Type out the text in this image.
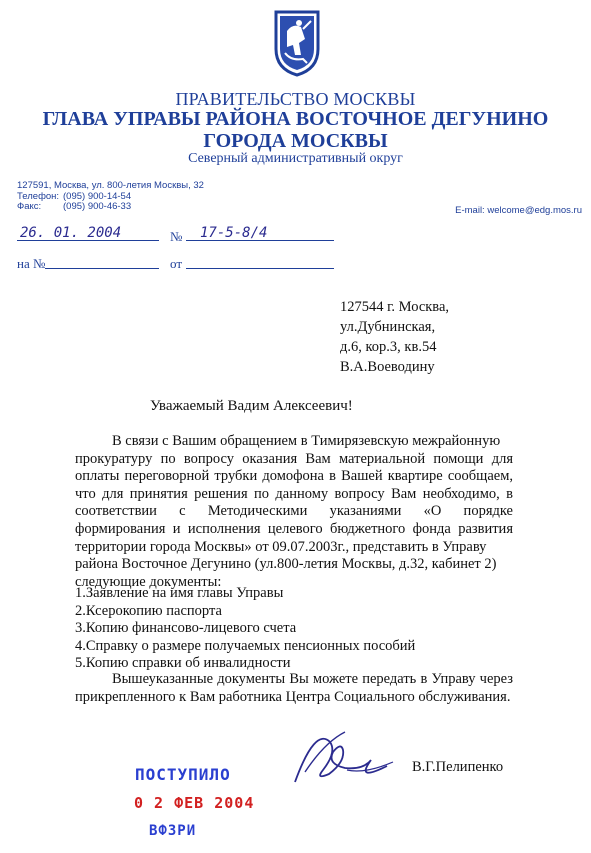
ПРАВИТЕЛЬСТВО МОСКВЫ
ГЛАВА УПРАВЫ РАЙОНА ВОСТОЧНОЕ ДЕГУНИНО
ГОРОДА МОСКВЫ
Северный административный округ
127591, Москва, ул. 800-летия Москвы, 32
Телефон: (095) 900-14-54
Факс: (095) 900-46-33	E-mail: welcome@edg.mos.ru
26. 01. 2004	№ 17-5-8/4
на №	от
127544 г. Москва,
ул.Дубнинская,
д.6, кор.3, кв.54
В.А.Воеводину
Уважаемый Вадим Алексеевич!

В связи с Вашим обращением в Тимирязевскую межрайонную

прокуратуру по вопросу оказания Вам материальной помощи для

оплаты переговорной трубки домофона в Вашей квартире сообщаем,

что для принятия решения по данному вопросу Вам необходимо, в

соответствии с Методическими указаниями «О порядке

формирования и исполнения целевого бюджетного фонда развития

территории города Москвы» от 09.07.2003г., представить в Управу

района Восточное Дегунино (ул.800-летия Москвы, д.32, кабинет 2)

следующие документы:

1.Заявление на имя главы Управы
2.Ксерокопию паспорта
3.Копию финансово-лицевого счета
4.Справку о размере получаемых пенсионных пособий
5.Копию справки об инвалидности
Вышеуказанные документы Вы можете передать в Управу через прикрепленного к Вам работника Центра Социального обслуживания.
В.Г.Пелипенко
ПОСТУПИЛО
0 2 ФЕВ 2004
ВФЗРИ
